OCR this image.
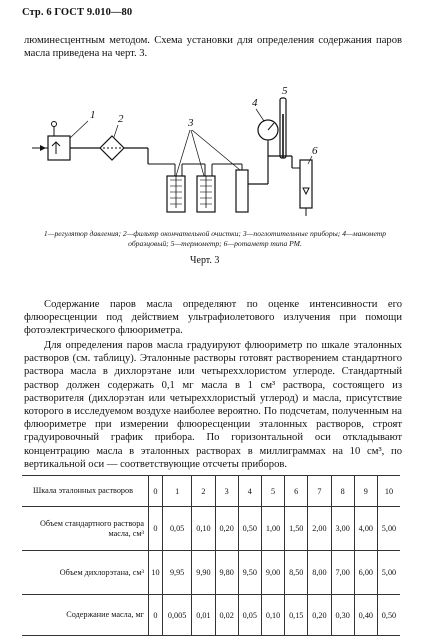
Стр. 6 ГОСТ 9.010—80
люминесцентным методом. Схема установки для определения содержания паров масла приведена на черт. 3.
1 2	3
4
5
6
1—регулятор давления; 2—фильтр окончательной очистки; 3—поглотительные приборы; 4—манометр образцовый; 5—термометр; 6—ротаметр типа РМ.
Черт. 3
Содержание паров масла определяют по оценке интенсивности его флюоресценции под действием ультрафиолетового излучения при помощи фотоэлектрического флюориметра.
Для определения паров масла градуируют флюориметр по шкале эталонных растворов (см. таблицу). Эталонные растворы готовят растворением стандартного раствора масла в дихлорэтане или четыреххлористом углероде. Стандартный раствор должен содержать 0,1 мг масла в 1 см³ раствора, состоящего из растворителя (дихлорэтан или четыреххлористый углерод) и масла, присутствие которого в исследуемом воздухе наиболее вероятно. По подсчетам, полученным на флюориметре при измерении флюоресценции эталонных растворов, строят градуировочный график прибора. По горизонтальной оси откладывают концентрацию масла в эталонных растворах в миллиграммах на 10 см³, по вертикальной оси — соответствующие отсчеты приборов.
Шкала эталонных растворов	0	1	2	3	4	5	6	7	8	9	10
Объем стандартного раствора масла, см³	0	0,05	0,10	0,20	0,50	1,00	1,50	2,00	3,00	4,00	5,00
Объем дихлорэтана, см³	10	9,95	9,90	9,80	9,50	9,00	8,50	8,00	7,00	6,00	5,00
Содержание масла, мг	0	0,005	0,01	0,02	0,05	0,10	0,15	0,20	0,30	0,40	0,50
